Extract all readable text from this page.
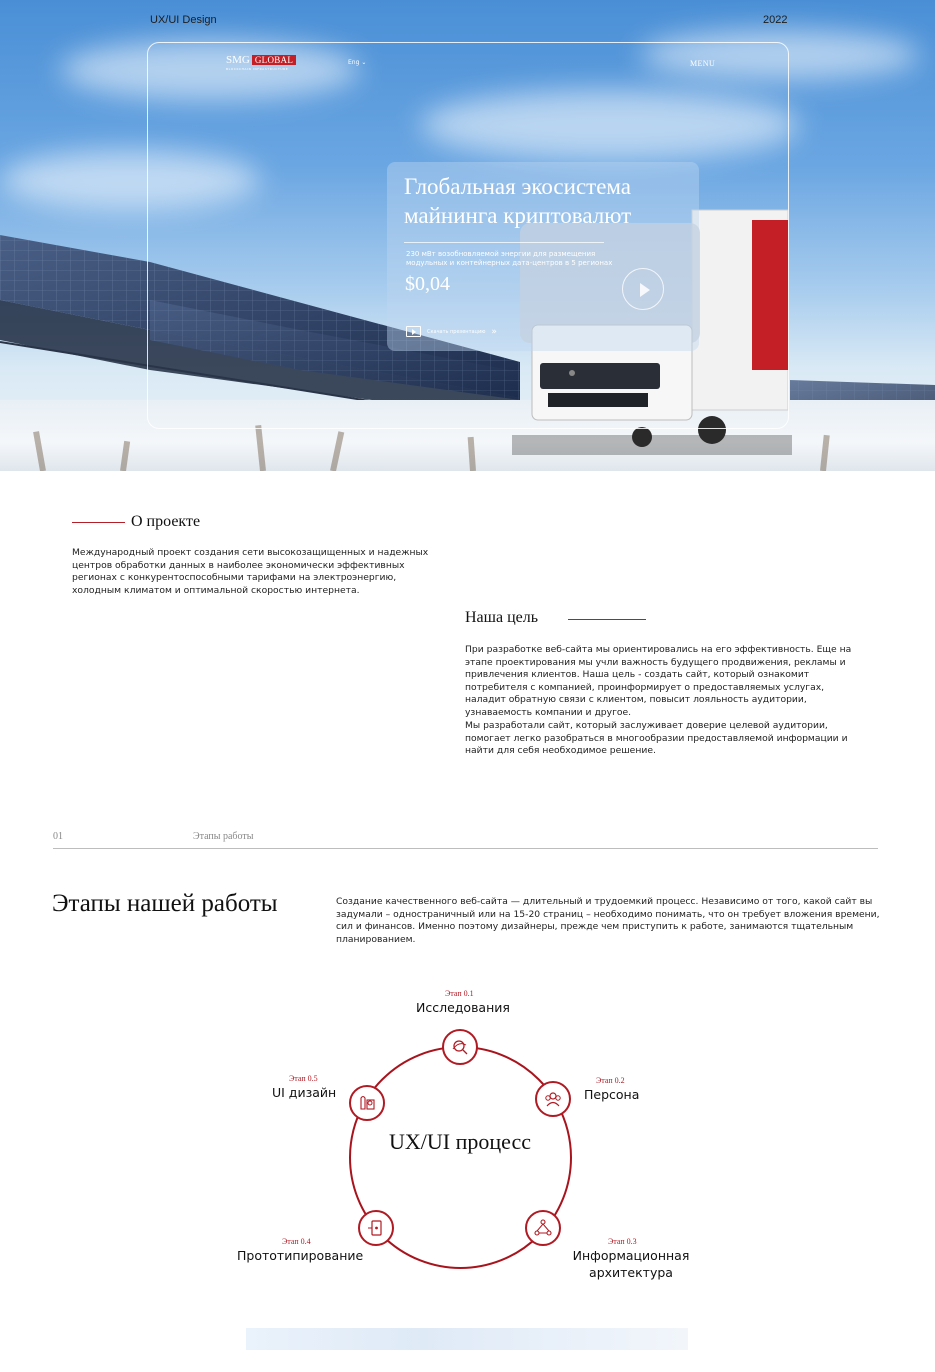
UX/UI Design	2022
SMG GLOBAL
BLOCKCHAIN INFRASTRUCTURE
Eng ⌄	MENU
Глобальная экосистема майнинга криптовалют
230 мВт возобновляемой энергии для размещения модульных и контейнерных дата-центров в 5 регионах
$0,04
Скачать презентацию »
О проекте
Международный проект создания сети высокозащищенных и надежных центров обработки данных в наиболее экономически эффективных регионах с конкурентоспособными тарифами на электроэнергию, холодным климатом и оптимальной скоростью интернета.
Наша цель
При разработке веб-сайта мы ориентировались на его эффективность. Еще на этапе проектирования мы учли важность будущего продвижения, рекламы и привлечения клиентов. Наша цель - создать сайт, который ознакомит потребителя с компанией, проинформирует о предоставляемых услугах, наладит обратную связи с клиентом, повысит лояльность аудитории, узнаваемость компании и другое.
Мы разработали сайт, который заслуживает доверие целевой аудитории, помогает легко разобраться в многообразии предоставляемой информации и найти для себя необходимое решение.
01	Этапы работы
Этапы нашей работы	Создание качественного веб-сайта — длительный и трудоемкий процесс. Независимо от того, какой сайт вы задумали – одностраничный или на 15-20 страниц – необходимо понимать, что он требует вложения времени, сил и финансов. Именно поэтому дизайнеры, прежде чем приступить к работе, занимаются тщательным планированием.
UX/UI процесс
Этап 0.1
Исследования
Этап 0.2
Персона
Этап 0.3
Информационная архитектура
Этап 0.4
Прототипирование
Этап 0.5
UI дизайн
